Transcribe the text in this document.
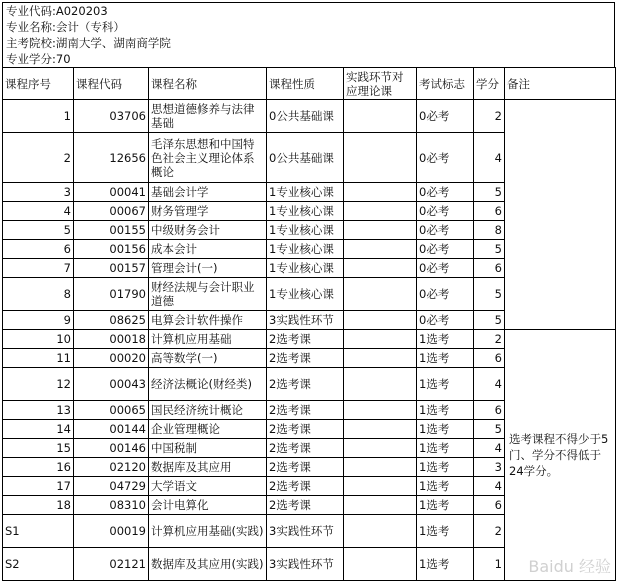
专业代码:A020203
专业名称:会计（专科）
主考院校:湖南大学、湖南商学院
专业学分:70
课程序号	课程代码	课程名称	课程性质	实践环节对应理论课	考试标志	学分	备注
1	03706	思想道德修养与法律基础	0公共基础课		0必考	2	
2	12656	毛泽东思想和中国特色社会主义理论体系概论	0公共基础课		0必考	4	
3	00041	基础会计学	1专业核心课		0必考	5	
4	00067	财务管理学	1专业核心课		0必考	6	
5	00155	中级财务会计	1专业核心课		0必考	8	
6	00156	成本会计	1专业核心课		0必考	5	
7	00157	管理会计(一)	1专业核心课		0必考	6	
8	01790	财经法规与会计职业道德	1专业核心课		0必考	5	
9	08625	电算会计软件操作	3实践性环节		0必考	5	
10	00018	计算机应用基础	2选考课		1选考	2	选考课程不得少于5门、学分不得低于24学分。
11	00020	高等数学(一)	2选考课		1选考	6	
12	00043	经济法概论(财经类)	2选考课		1选考	4	
13	00065	国民经济统计概论	2选考课		1选考	6	
14	00144	企业管理概论	2选考课		1选考	5	
15	00146	中国税制	2选考课		1选考	4	
16	02120	数据库及其应用	2选考课		1选考	3	
17	04729	大学语文	2选考课		1选考	4	
18	08310	会计电算化	2选考课		1选考	6	
S1	00019	计算机应用基础(实践)	3实践性环节		1选考	2	
S2	02121	数据库及其应用(实践)	3实践性环节		1选考	1	Baidu 经验
